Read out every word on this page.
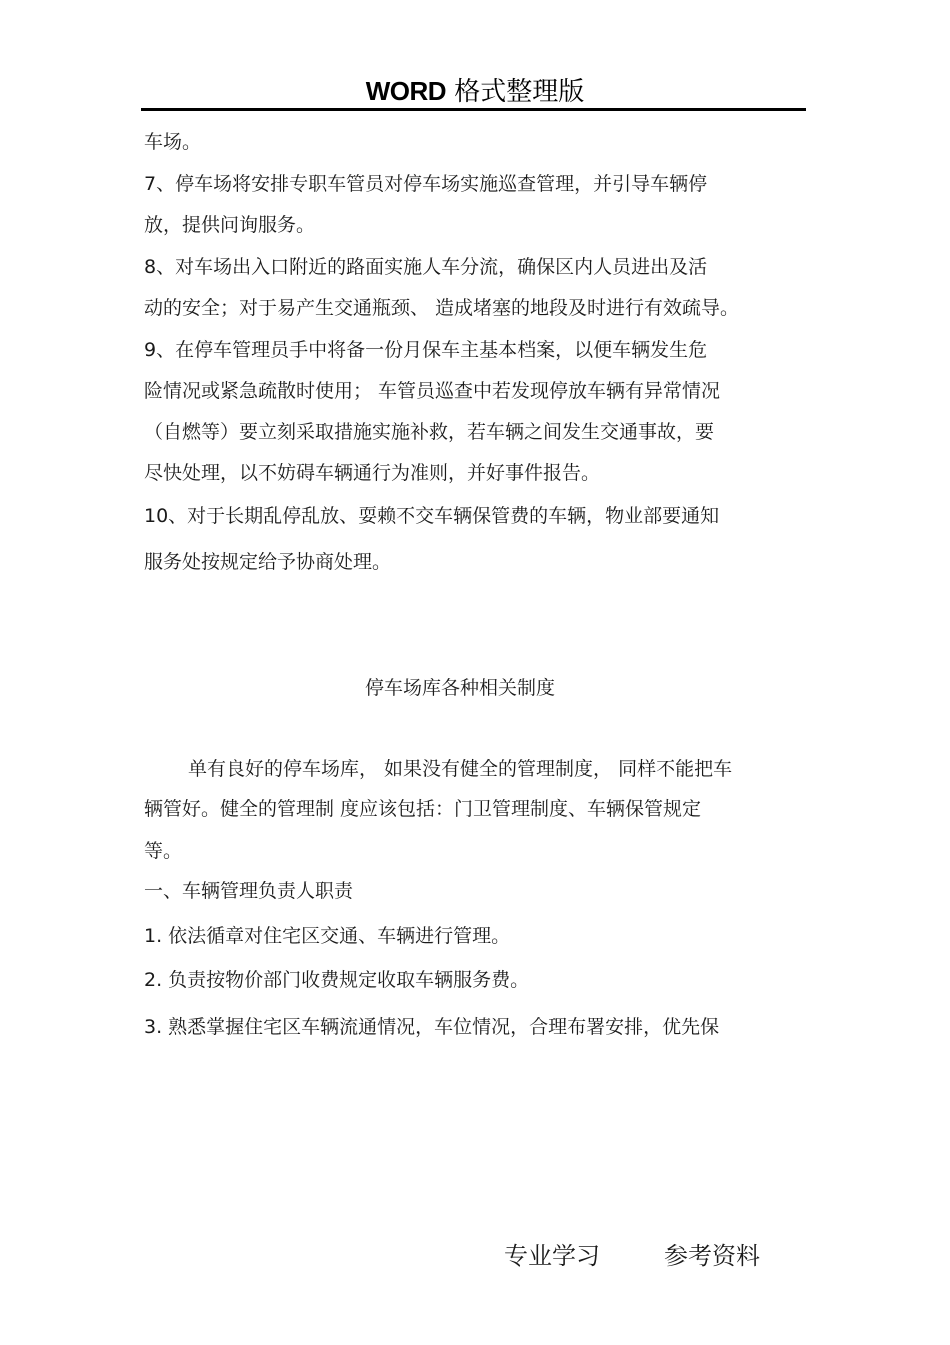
WORD 格式整理版
车场。
7、停车场将安排专职车管员对停车场实施巡查管理，并引导车辆停
放，提供问询服务。
8、对车场出入口附近的路面实施人车分流，确保区内人员进出及活
动的安全；对于易产生交通瓶颈、 造成堵塞的地段及时进行有效疏导。
9、在停车管理员手中将备一份月保车主基本档案，以便车辆发生危
险情况或紧急疏散时使用； 车管员巡查中若发现停放车辆有异常情况
（自燃等）要立刻采取措施实施补救，若车辆之间发生交通事故，要
尽快处理，以不妨碍车辆通行为准则，并好事件报告。
10、对于长期乱停乱放、耍赖不交车辆保管费的车辆，物业部要通知
服务处按规定给予协商处理。
停车场库各种相关制度
单有良好的停车场库， 如果没有健全的管理制度， 同样不能把车
辆管好。健全的管理制 度应该包括：门卫管理制度、车辆保管规定
等。
一、车辆管理负责人职责
1. 依法循章对住宅区交通、车辆进行管理。
2. 负责按物价部门收费规定收取车辆服务费。
3. 熟悉掌握住宅区车辆流通情况，车位情况，合理布署安排，优先保
专业学习	参考资料
